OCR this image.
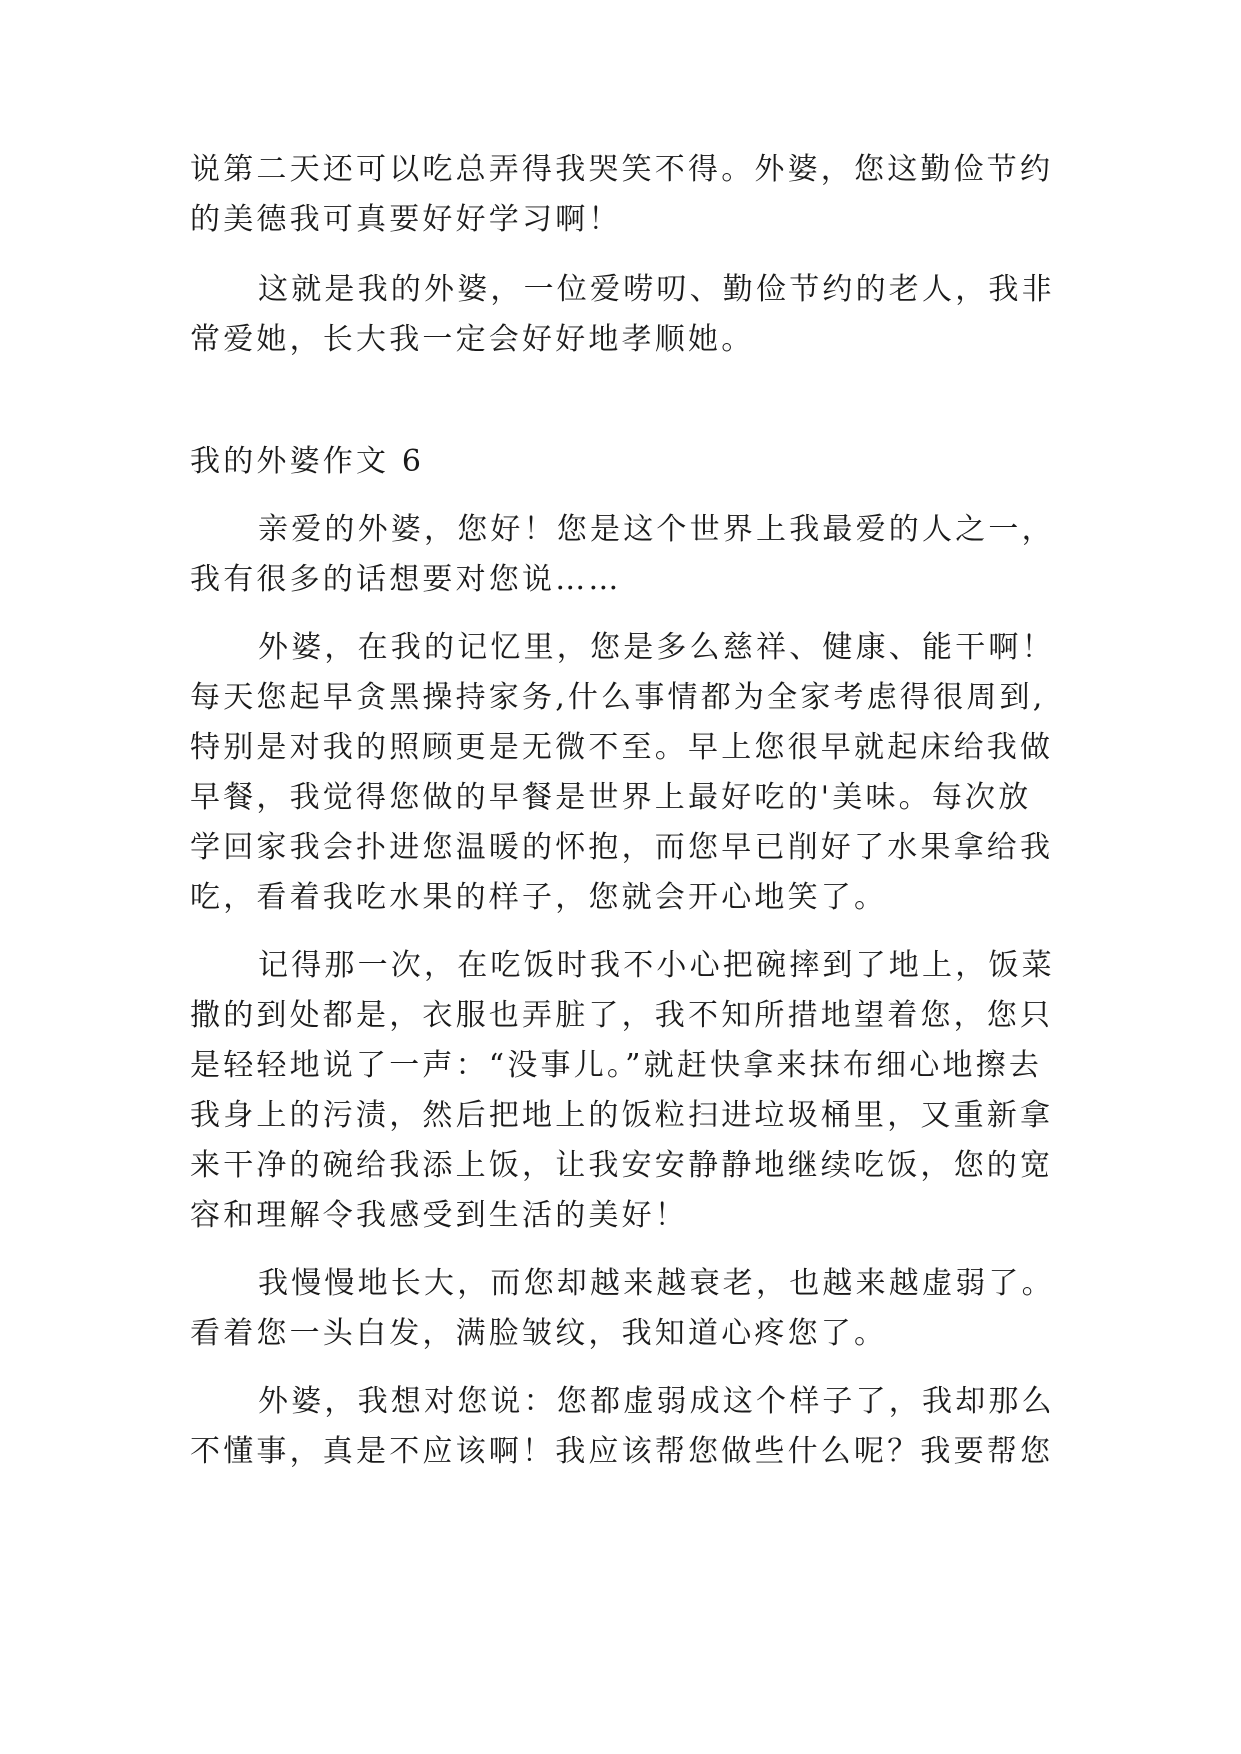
说第二天还可以吃总弄得我哭笑不得。外婆，您这勤俭节约
的美德我可真要好好学习啊！
这就是我的外婆，一位爱唠叨、勤俭节约的老人，我非
常爱她，长大我一定会好好地孝顺她。
我的外婆作文 6
亲爱的外婆，您好！您是这个世界上我最爱的人之一，
我有很多的话想要对您说……
外婆，在我的记忆里，您是多么慈祥、健康、能干啊！
每天您起早贪黑操持家务,什么事情都为全家考虑得很周到,
特别是对我的照顾更是无微不至。早上您很早就起床给我做
早餐，我觉得您做的早餐是世界上最好吃的'美味。每次放
学回家我会扑进您温暖的怀抱，而您早已削好了水果拿给我
吃，看着我吃水果的样子，您就会开心地笑了。
记得那一次，在吃饭时我不小心把碗摔到了地上，饭菜
撒的到处都是，衣服也弄脏了，我不知所措地望着您，您只
是轻轻地说了一声：“没事儿。”就赶快拿来抹布细心地擦去
我身上的污渍，然后把地上的饭粒扫进垃圾桶里，又重新拿
来干净的碗给我添上饭，让我安安静静地继续吃饭，您的宽
容和理解令我感受到生活的美好！
我慢慢地长大，而您却越来越衰老，也越来越虚弱了。
看着您一头白发，满脸皱纹，我知道心疼您了。
外婆，我想对您说：您都虚弱成这个样子了，我却那么
不懂事，真是不应该啊！我应该帮您做些什么呢？我要帮您
